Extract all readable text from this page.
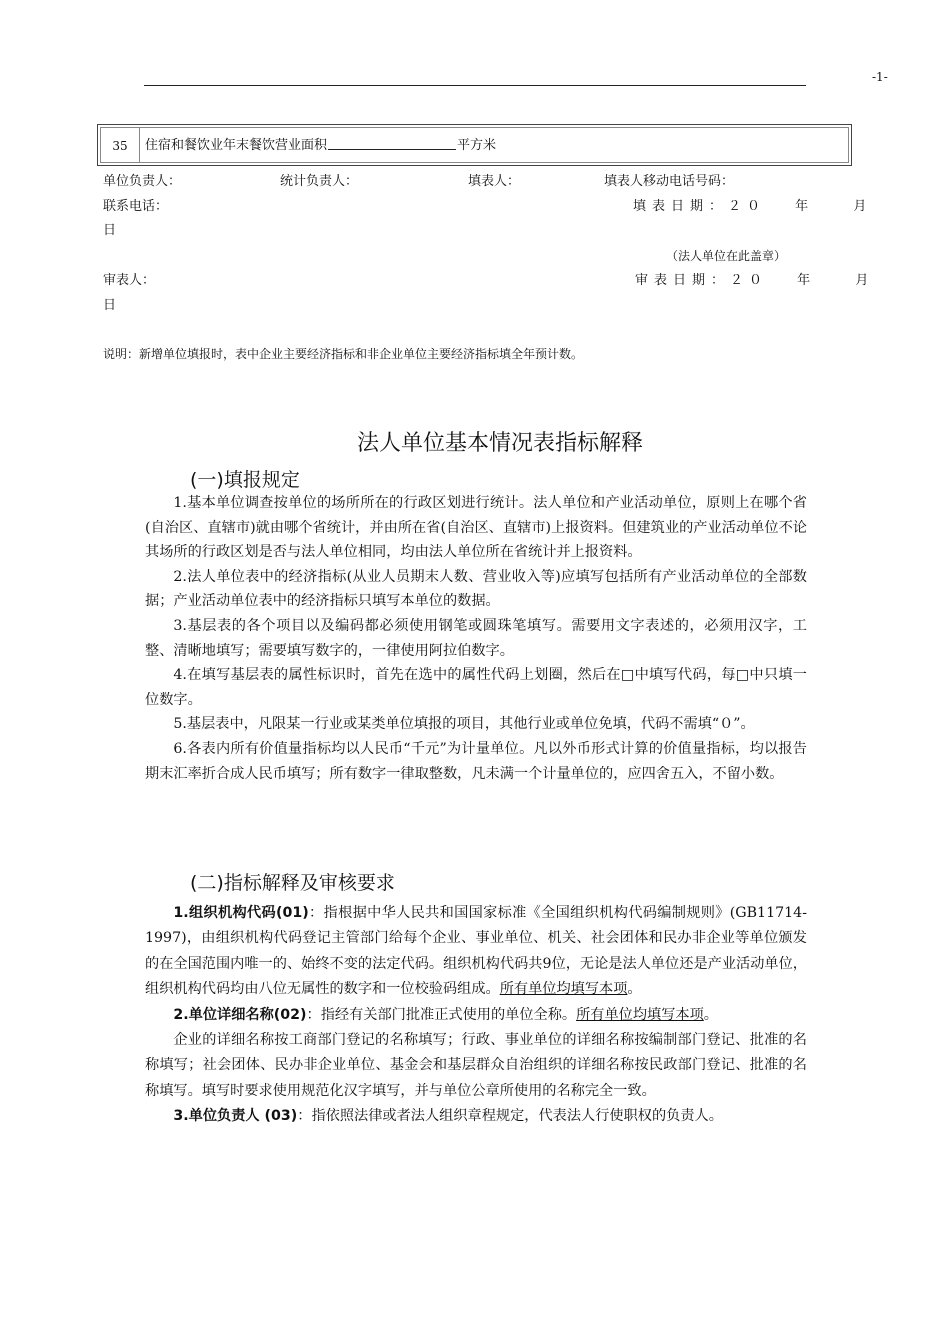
-1-
35	住宿和餐饮业年末餐饮营业面积	平方米
单位负责人：	统计负责人：	填表人：	填表人移动电话号码：
联系电话：	填表日期：２０　 年 　 月
日
（法人单位在此盖章）
审表人：	审表日期：２０　 年 　 月
日
说明：新增单位填报时，表中企业主要经济指标和非企业单位主要经济指标填全年预计数。
法人单位基本情况表指标解释
(一)填报规定

1.基本单位调查按单位的场所所在的行政区划进行统计。法人单位和产业活动单位，原则上在哪个省(自治区、直辖市)就由哪个省统计，并由所在省(自治区、直辖市)上报资料。但建筑业的产业活动单位不论其场所的行政区划是否与法人单位相同，均由法人单位所在省统计并上报资料。

2.法人单位表中的经济指标(从业人员期末人数、营业收入等)应填写包括所有产业活动单位的全部数据；产业活动单位表中的经济指标只填写本单位的数据。

3.基层表的各个项目以及编码都必须使用钢笔或圆珠笔填写。需要用文字表述的，必须用汉字，工整、清晰地填写；需要填写数字的，一律使用阿拉伯数字。

4.在填写基层表的属性标识时，首先在选中的属性代码上划圈，然后在□中填写代码，每□中只填一位数字。

5.基层表中，凡限某一行业或某类单位填报的项目，其他行业或单位免填，代码不需填“０”。

6.各表内所有价值量指标均以人民币“千元”为计量单位。凡以外币形式计算的价值量指标，均以报告期末汇率折合成人民币填写；所有数字一律取整数，凡未满一个计量单位的，应四舍五入，不留小数。

(二)指标解释及审核要求

1.组织机构代码(01)：指根据中华人民共和国国家标准《全国组织机构代码编制规则》(GB11714-1997)，由组织机构代码登记主管部门给每个企业、事业单位、机关、社会团体和民办非企业等单位颁发的在全国范围内唯一的、始终不变的法定代码。组织机构代码共9位，无论是法人单位还是产业活动单位，组织机构代码均由八位无属性的数字和一位校验码组成。所有单位均填写本项。

2.单位详细名称(02)：指经有关部门批准正式使用的单位全称。所有单位均填写本项。

企业的详细名称按工商部门登记的名称填写；行政、事业单位的详细名称按编制部门登记、批准的名称填写；社会团体、民办非企业单位、基金会和基层群众自治组织的详细名称按民政部门登记、批准的名称填写。填写时要求使用规范化汉字填写，并与单位公章所使用的名称完全一致。

3.单位负责人 (03)：指依照法律或者法人组织章程规定，代表法人行使职权的负责人。
